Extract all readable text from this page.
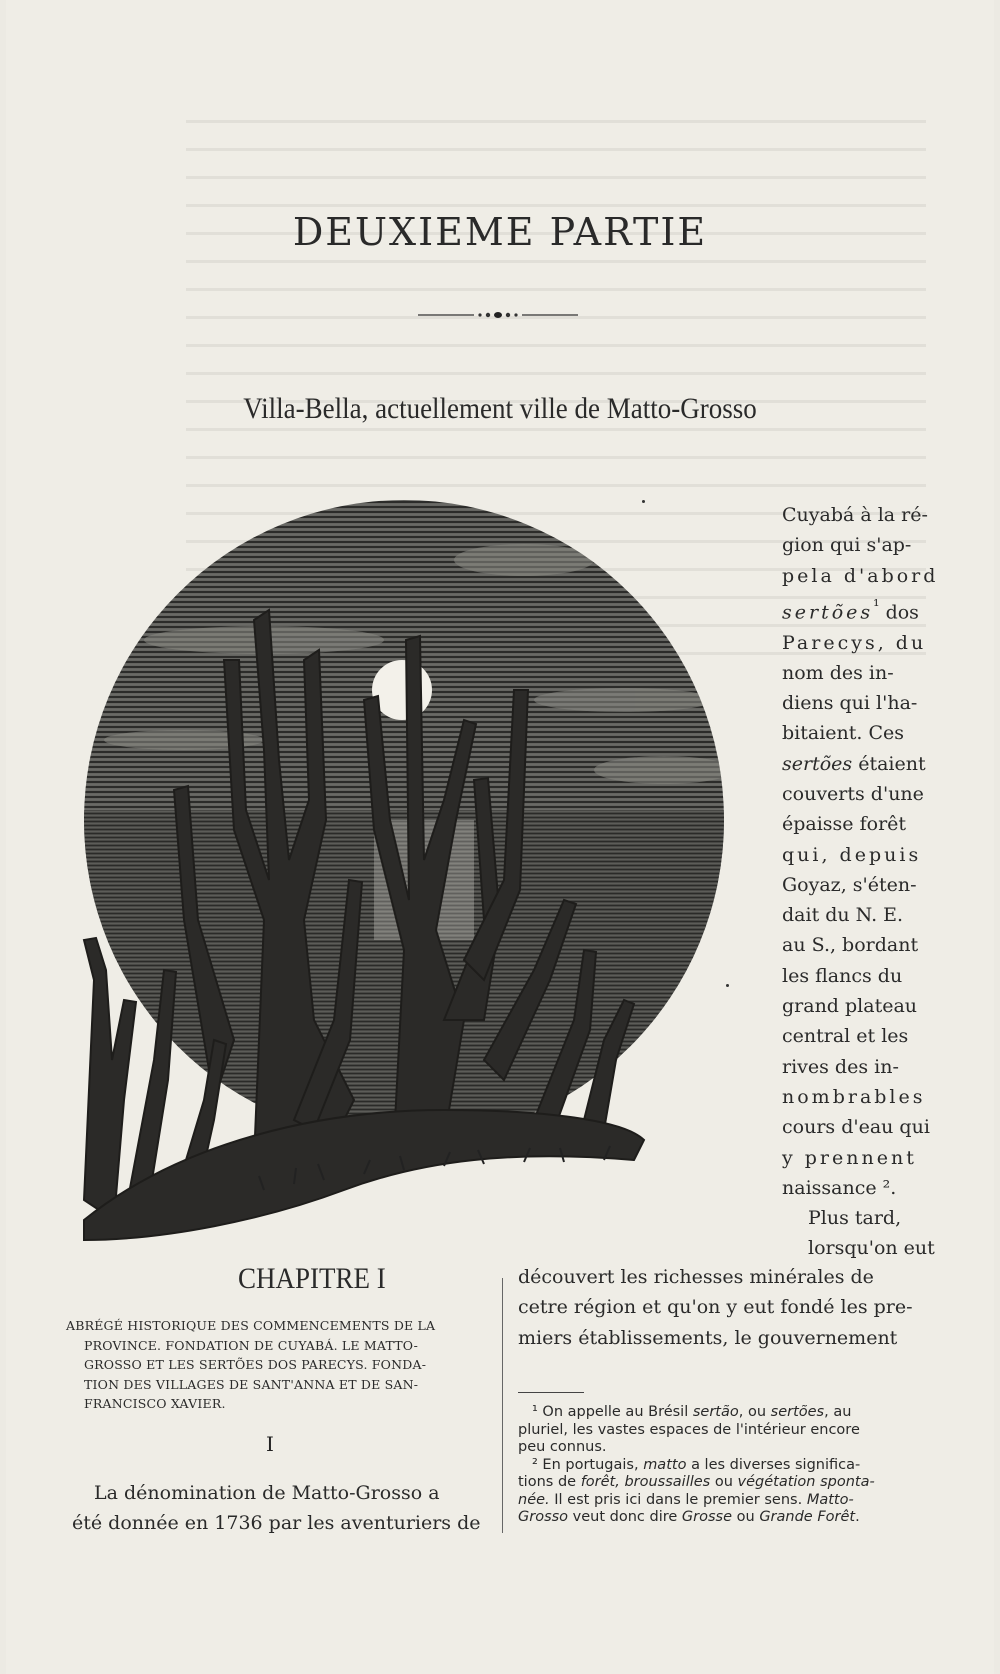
DEUXIEME PARTIE
Villa-Bella, actuellement ville de Matto-Grosso
Cuyabá à la ré-
gion qui s'ap-
pela d'abord
sertões$^{^1}$ dos
Parecys, du
nom des in-
diens qui l'ha-
bitaient. Ces
sertões étaient
couverts d'une
épaisse forêt
qui, depuis
Goyaz, s'éten-
dait du N. E.
au S., bordant
les flancs du
grand plateau
central et les
rives des in-
nombrables
cours d'eau qui
y prennent
naissance ².
Plus tard,
lorsqu'on eut
découvert les richesses minérales de
cetre région et qu'on y eut fondé les pre-
miers établissements, le gouvernement
CHAPITRE I
ABRÉGÉ HISTORIQUE DES COMMENCEMENTS DE LA
PROVINCE. FONDATION DE CUYABÁ. LE MATTO-
GROSSO ET LES SERTÕES DOS PARECYS. FONDA-
TION DES VILLAGES DE SANT'ANNA ET DE SAN-
FRANCISCO XAVIER.
I
La dénomination de Matto-Grosso a
été donnée en 1736 par les aventuriers de
¹ On appelle au Brésil sertão, ou sertões, au
pluriel, les vastes espaces de l'intérieur encore
peu connus.
² En portugais, matto a les diverses significa-
tions de forêt, broussailles ou végétation sponta-
née. Il est pris ici dans le premier sens. Matto-
Grosso veut donc dire Grosse ou Grande Forêt.
